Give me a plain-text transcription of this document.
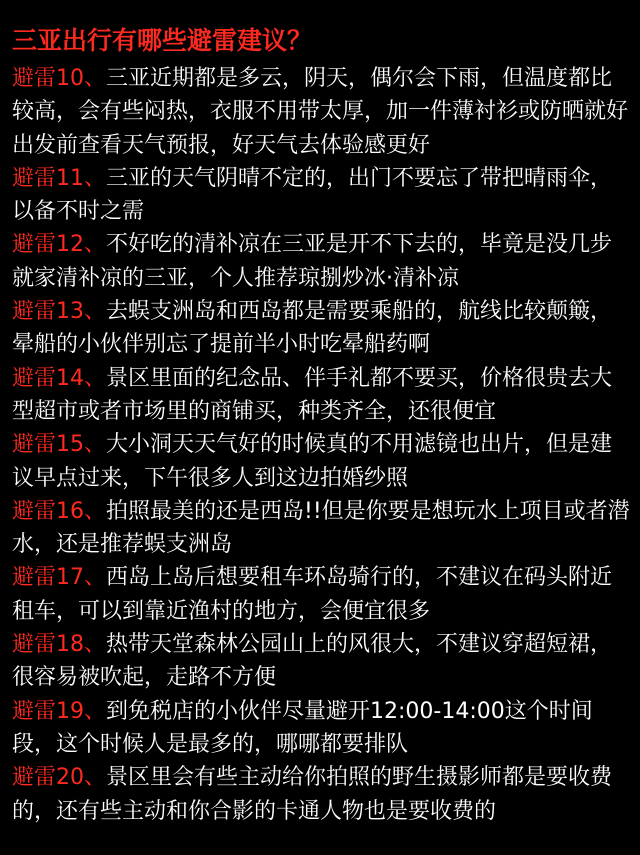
三亚出行有哪些避雷建议？

避雷10、三亚近期都是多云，阴天，偶尔会下雨，但温度都比较高，会有些闷热，衣服不用带太厚，加一件薄衬衫或防晒就好出发前查看天气预报，好天气去体验感更好

避雷11、三亚的天气阴晴不定的，出门不要忘了带把晴雨伞，以备不时之需

避雷12、不好吃的清补凉在三亚是开不下去的，毕竟是没几步就家清补凉的三亚，个人推荐琼捌炒冰·清补凉

避雷13、去蜈支洲岛和西岛都是需要乘船的，航线比较颠簸，晕船的小伙伴别忘了提前半小时吃晕船药啊

避雷14、景区里面的纪念品、伴手礼都不要买，价格很贵去大型超市或者市场里的商铺买，种类齐全，还很便宜

避雷15、大小洞天天气好的时候真的不用滤镜也出片，但是建议早点过来，下午很多人到这边拍婚纱照

避雷16、拍照最美的还是西岛!!但是你要是想玩水上项目或者潜水，还是推荐蜈支洲岛

避雷17、西岛上岛后想要租车环岛骑行的，不建议在码头附近租车，可以到靠近渔村的地方，会便宜很多

避雷18、热带天堂森林公园山上的风很大，不建议穿超短裙，很容易被吹起，走路不方便

避雷19、到免税店的小伙伴尽量避开12:00-14:00这个时间段，这个时候人是最多的，哪哪都要排队

避雷20、景区里会有些主动给你拍照的野生摄影师都是要收费的，还有些主动和你合影的卡通人物也是要收费的
